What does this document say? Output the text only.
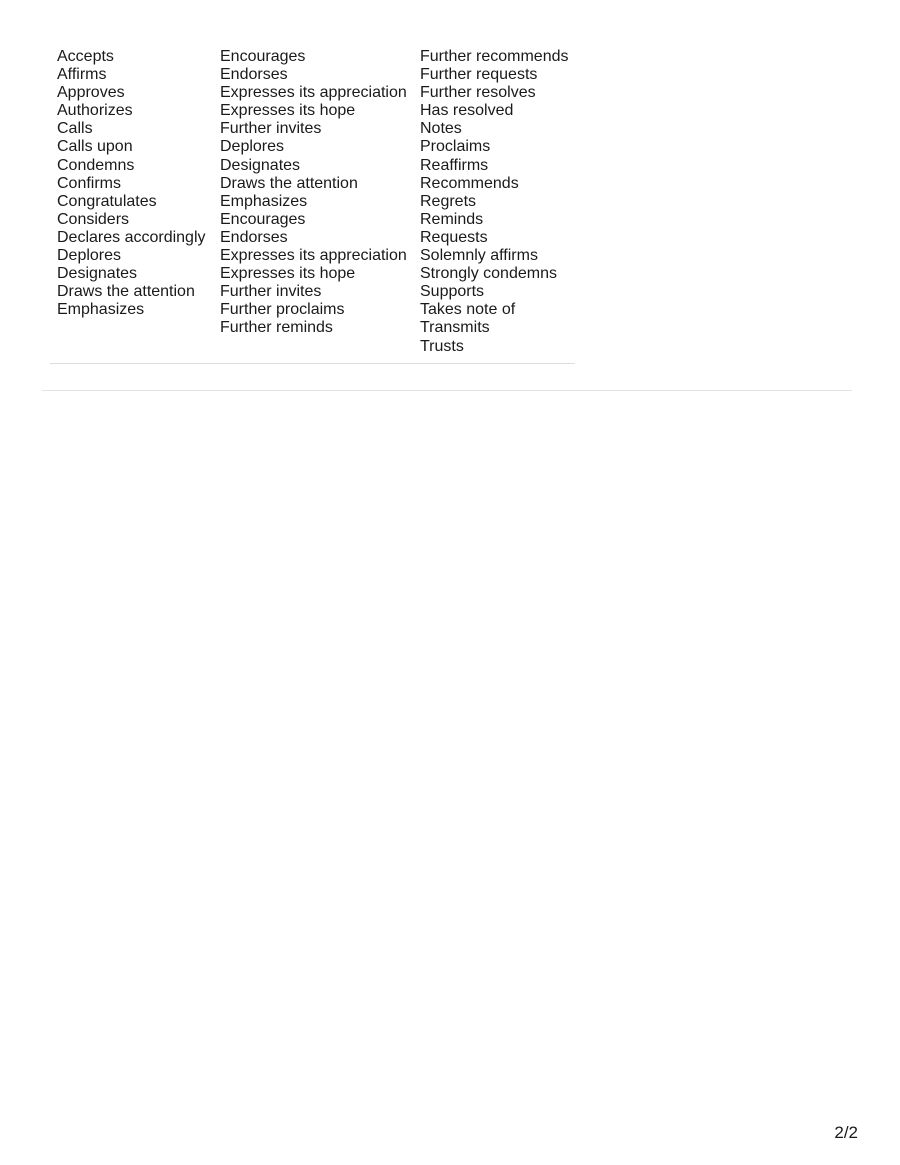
Accepts
Affirms
Approves
Authorizes
Calls
Calls upon
Condemns
Confirms
Congratulates
Considers
Declares accordingly
Deplores
Designates
Draws the attention
Emphasizes
Encourages
Endorses
Expresses its appreciation
Expresses its hope
Further invites
Deplores
Designates
Draws the attention
Emphasizes
Encourages
Endorses
Expresses its appreciation
Expresses its hope
Further invites
Further proclaims
Further reminds
Further recommends
Further requests
Further resolves
Has resolved
Notes
Proclaims
Reaffirms
Recommends
Regrets
Reminds
Requests
Solemnly affirms
Strongly condemns
Supports
Takes note of
Transmits
Trusts
2/2
